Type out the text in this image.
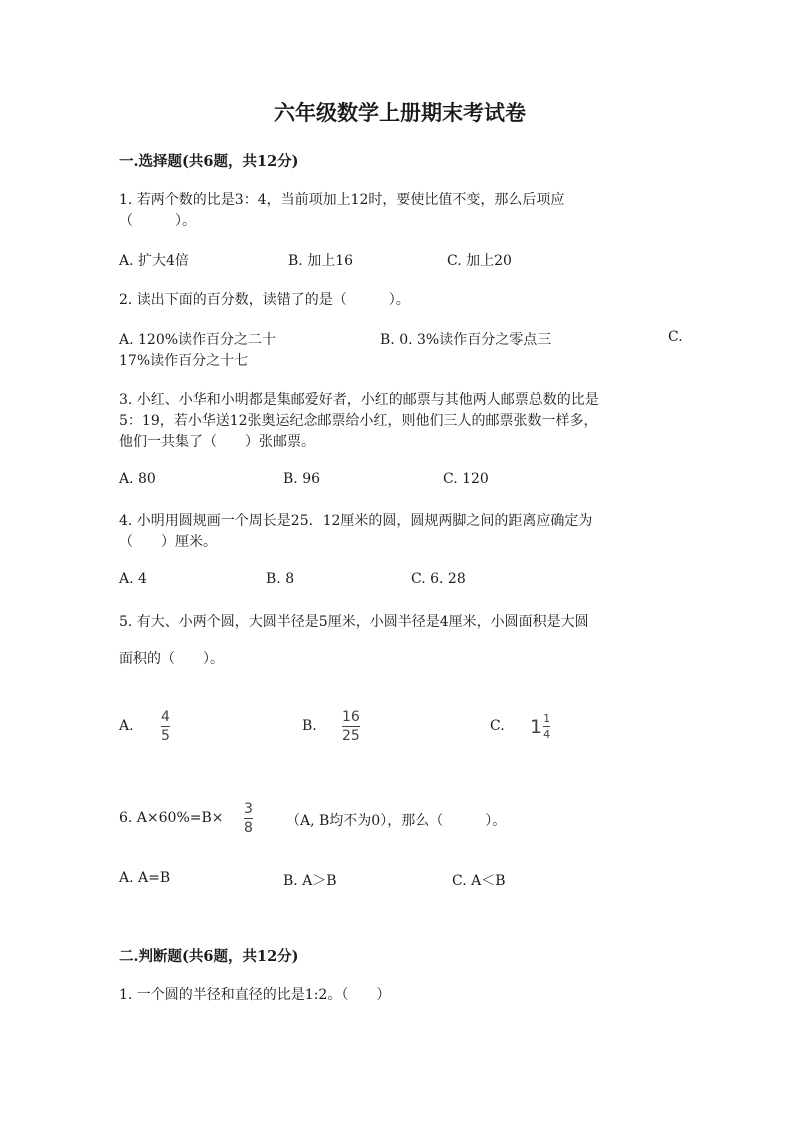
六年级数学上册期末考试卷
一.选择题(共6题，共12分)
1. 若两个数的比是3：4，当前项加上12时，要使比值不变，那么后项应
（　　　）。
A. 扩大4倍	B. 加上16	C. 加上20
2. 读出下面的百分数，读错了的是（　　　）。
A. 120%读作百分之二十	B. 0. 3%读作百分之零点三	C.
17%读作百分之十七
3. 小红、小华和小明都是集邮爱好者，小红的邮票与其他两人邮票总数的比是
5：19，若小华送12张奥运纪念邮票给小红，则他们三人的邮票张数一样多，
他们一共集了（　　）张邮票。
A. 80	B. 96	C. 120
4. 小明用圆规画一个周长是25．12厘米的圆，圆规两脚之间的距离应确定为
（　　）厘米。
A. 4	B. 8	C. 6. 28
5. 有大、小两个圆，大圆半径是5厘米，小圆半径是4厘米，小圆面积是大圆
面积的（　　）。
A.
4
5
B.
16
25
C. $1 \frac{1}{4}$
6. A×60%=B×
3
8 （A, B均不为0），那么（　　　）。
A. A=B	B. A＞B	C. A＜B
二.判断题(共6题，共12分)
1. 一个圆的半径和直径的比是1:2。（　　）
